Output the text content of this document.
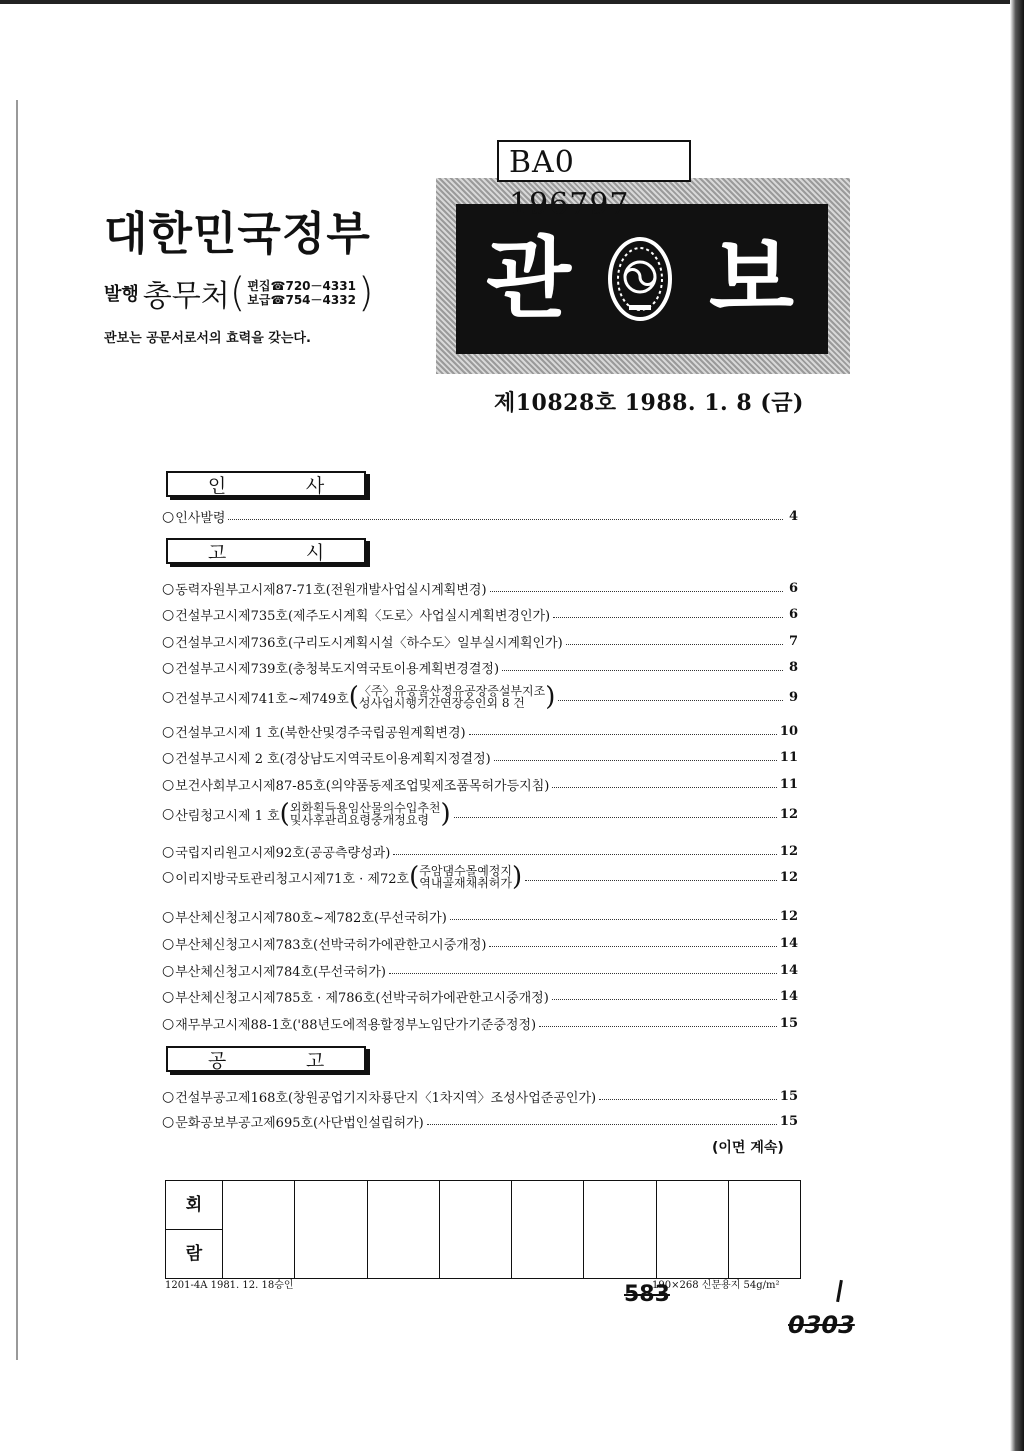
대한민국정부
발행 총무처 ( 편집☎720－4331
보급☎754－4332 )
관보는 공문서로서의 효력을 갖는다.
BA0 196797
관 보
제10828호 1988. 1. 8 (금)
인	사
○ 인사발령	4
고	시
○ 동력자원부고시제87-71호(전원개발사업실시계획변경)	6
○ 건설부고시제735호(제주도시계획〈도로〉사업실시계획변경인가)	6
○ 건설부고시제736호(구리도시계획시설〈하수도〉일부실시계획인가)	7
○ 건설부고시제739호(충청북도지역국토이용계획변경결정)	8
○ 건설부고시제741호~제749호 ( 〈주〉유공울산정유공장증설부지조
성사업시행기간연장승인외 8 건 )	9
○ 건설부고시제 1 호(북한산및경주국립공원계획변경)	10
○ 건설부고시제 2 호(경상남도지역국토이용계획지정결정)	11
○ 보건사회부고시제87-85호(의약품동제조업및제조품목허가등지침)	11
○ 산림청고시제 1 호 ( 외화획득용임산물의수입추천
및사후관리요령중개정요령 )	12
○ 국립지리원고시제92호(공공측량성과)	12
○ 이리지방국토관리청고시제71호 · 제72호 ( 주암댐수몰예정지
역내골재채취허가 )	12
○ 부산체신청고시제780호~제782호(무선국허가)	12
○ 부산체신청고시제783호(선박국허가에관한고시중개정)	14
○ 부산체신청고시제784호(무선국허가)	14
○ 부산체신청고시제785호 · 제786호(선박국허가에관한고시중개정)	14
○ 재무부고시제88-1호('88년도에적용할정부노임단가기준중정정)	15
공	고
○ 건설부공고제168호(창원공업기지차룡단지〈1차지역〉조성사업준공인가)	15
○ 문화공보부공고제695호(사단법인설립허가)	15
(이면 계속)
회								
람
1201-4A 1981. 12. 18승인	190×268 신문용지 54g/m²
583
0303
